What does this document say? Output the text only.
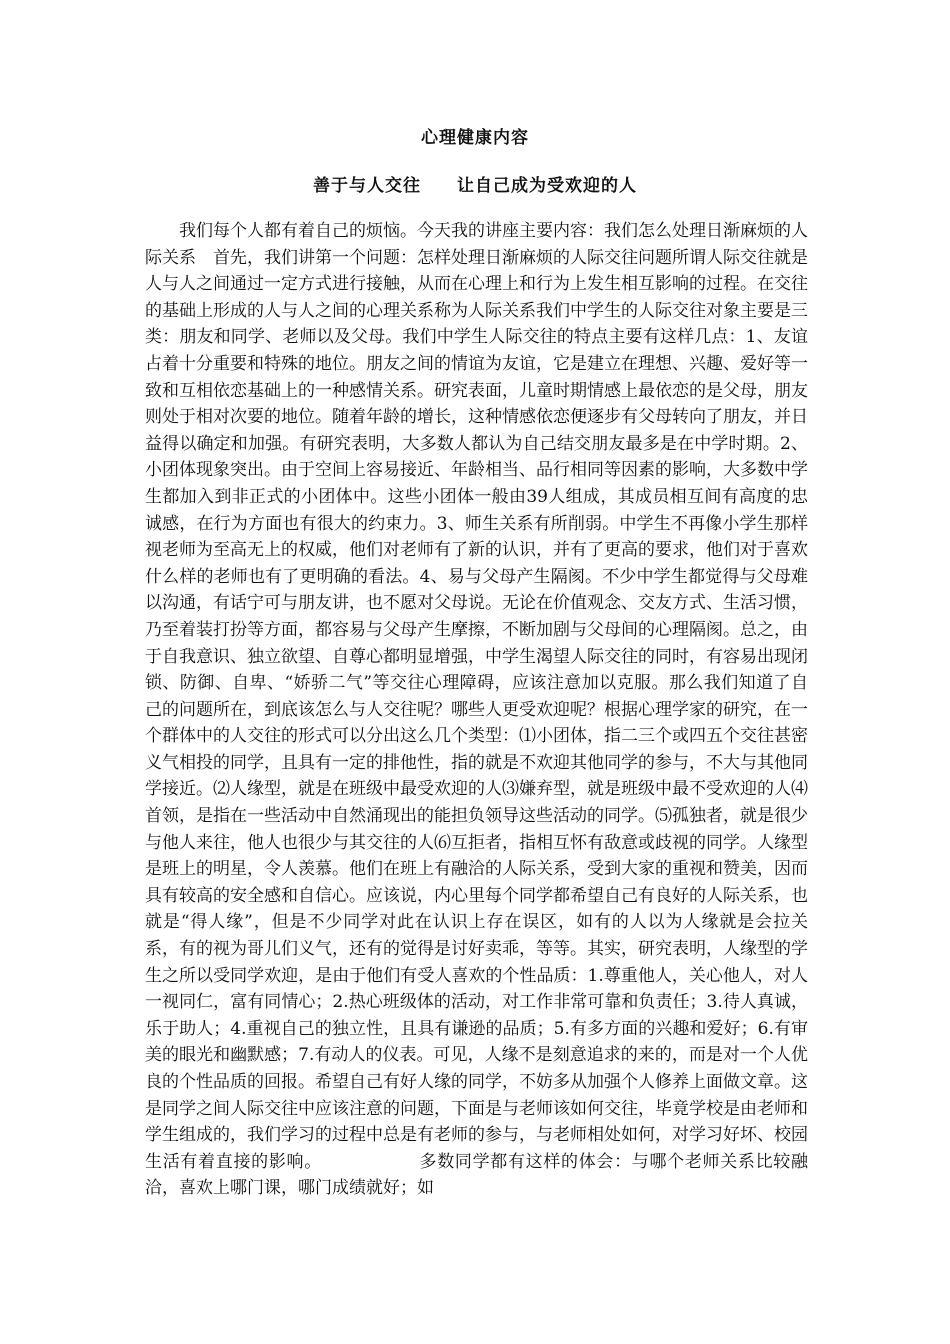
心理健康内容
善于与人交往　　让自己成为受欢迎的人

我们每个人都有着自己的烦恼。今天我的讲座主要内容：我们怎么处理日渐麻烦的人际关系　首先，我们讲第一个问题：怎样处理日渐麻烦的人际交往问题所谓人际交往就是人与人之间通过一定方式进行接触，从而在心理上和行为上发生相互影响的过程。在交往的基础上形成的人与人之间的心理关系称为人际关系我们中学生的人际交往对象主要是三类：朋友和同学、老师以及父母。我们中学生人际交往的特点主要有这样几点：1、友谊占着十分重要和特殊的地位。朋友之间的情谊为友谊，它是建立在理想、兴趣、爱好等一致和互相依恋基础上的一种感情关系。研究表面，儿童时期情感上最依恋的是父母，朋友则处于相对次要的地位。随着年龄的增长，这种情感依恋便逐步有父母转向了朋友，并日益得以确定和加强。有研究表明，大多数人都认为自己结交朋友最多是在中学时期。2、小团体现象突出。由于空间上容易接近、年龄相当、品行相同等因素的影响，大多数中学生都加入到非正式的小团体中。这些小团体一般由39人组成，其成员相互间有高度的忠诚感，在行为方面也有很大的约束力。3、师生关系有所削弱。中学生不再像小学生那样视老师为至高无上的权威，他们对老师有了新的认识，并有了更高的要求，他们对于喜欢什么样的老师也有了更明确的看法。4、易与父母产生隔阂。不少中学生都觉得与父母难以沟通，有话宁可与朋友讲，也不愿对父母说。无论在价值观念、交友方式、生活习惯，乃至着装打扮等方面，都容易与父母产生摩擦，不断加剧与父母间的心理隔阂。总之，由于自我意识、独立欲望、自尊心都明显增强，中学生渴望人际交往的同时，有容易出现闭锁、防御、自卑、“娇骄二气”等交往心理障碍，应该注意加以克服。那么我们知道了自己的问题所在，到底该怎么与人交往呢？哪些人更受欢迎呢？根据心理学家的研究，在一个群体中的人交往的形式可以分出这么几个类型：⑴小团体，指二三个或四五个交往甚密义气相投的同学，且具有一定的排他性，指的就是不欢迎其他同学的参与，不大与其他同学接近。⑵人缘型，就是在班级中最受欢迎的人⑶嫌弃型，就是班级中最不受欢迎的人⑷首领，是指在一些活动中自然涌现出的能担负领导这些活动的同学。⑸孤独者，就是很少与他人来往，他人也很少与其交往的人⑹互拒者，指相互怀有敌意或歧视的同学。人缘型是班上的明星，令人羡慕。他们在班上有融洽的人际关系，受到大家的重视和赞美，因而具有较高的安全感和自信心。应该说，内心里每个同学都希望自己有良好的人际关系，也就是“得人缘”，但是不少同学对此在认识上存在误区，如有的人以为人缘就是会拉关系，有的视为哥儿们义气，还有的觉得是讨好卖乖，等等。其实，研究表明，人缘型的学生之所以受同学欢迎，是由于他们有受人喜欢的个性品质：1.尊重他人，关心他人，对人一视同仁，富有同情心；2.热心班级体的活动，对工作非常可靠和负责任；3.待人真诚，乐于助人；4.重视自己的独立性，且具有谦逊的品质；5.有多方面的兴趣和爱好；6.有审美的眼光和幽默感；7.有动人的仪表。可见，人缘不是刻意追求的来的，而是对一个人优良的个性品质的回报。希望自己有好人缘的同学，不妨多从加强个人修养上面做文章。这是同学之间人际交往中应该注意的问题，下面是与老师该如何交往，毕竟学校是由老师和学生组成的，我们学习的过程中总是有老师的参与，与老师相处如何，对学习好坏、校园生活有着直接的影响。　　　　　　多数同学都有这样的体会：与哪个老师关系比较融洽，喜欢上哪门课，哪门成绩就好；如
